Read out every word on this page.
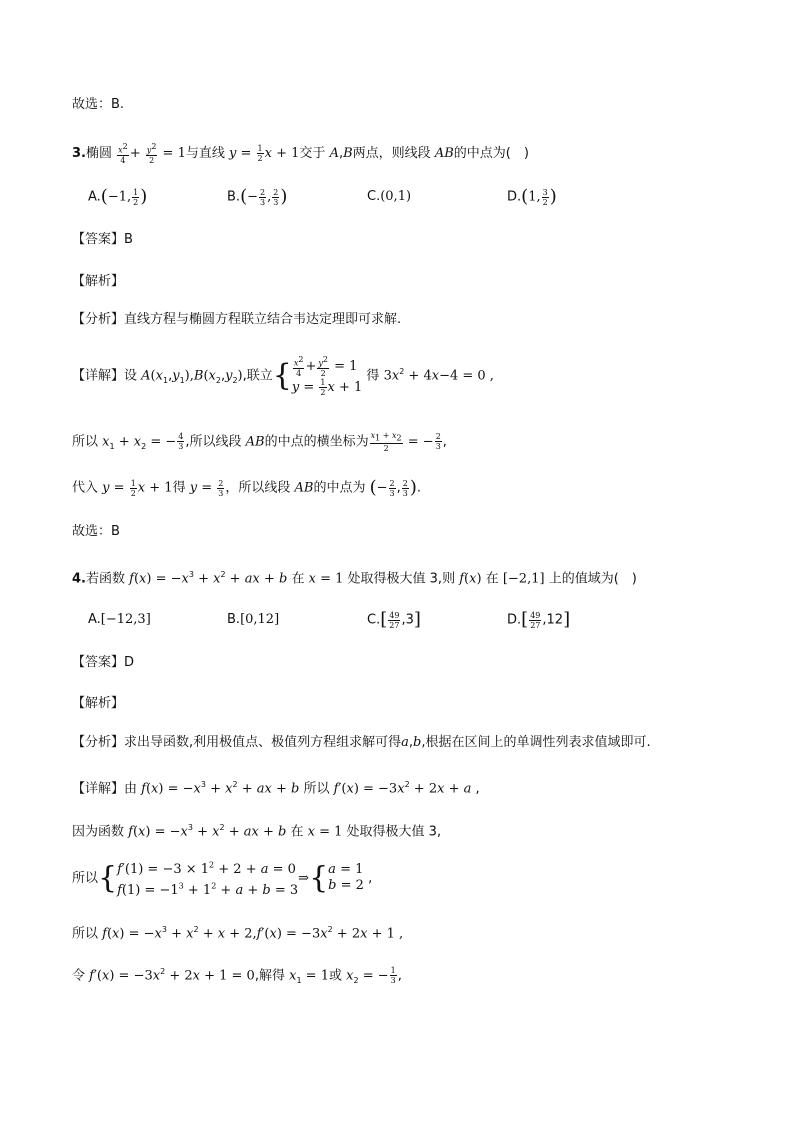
故选：B.
3.椭圆 $\frac{x^2}{4} + \frac{y^2}{2} = 1$与直线 $y = \frac{1}{2}$ x + 1交于 A,B两点，则线段 AB的中点为(　)
A.(−1, $\frac{1}{2}$ )	$B.(- \frac{2}{3}$ , $\frac{2}{3}$ )	C.(0,1)	D.(1, $\frac{3}{2}$ )
【答案】B
【解析】
【分析】直线方程与椭圆方程联立结合韦达定理即可求解.
【详解】设 $A(x_1,y_1),B(x_2,y_2)$,联立{ $\frac{x^2}{4} + \frac{y^2}{2} = 1$
$y = \frac{1}{2}$ x + 1 得 $3x^2 + 4x-4 = 0$ ,
所以 $x_1 + x_2$ = − $\frac{4}{3}$ ,所以线段 AB的中点的横坐标为 $\frac{x_1 + x_2}{2}$ = − $\frac{2}{3}$ ,
代入 $y = \frac{1}{2}$ x + 1得 $y = \frac{2}{3}$ ，所以线段 AB的中点为 (− $\frac{2}{3}$ , $\frac{2}{3}$ ).
故选：B
4.若函数 $f(x) = -x^3 + x^2$ + ax + b 在 x = 1 处取得极大值 3,则 f(x) 在 [−2,1] 上的值域为(　)
A.[−12,3]	B.[0,12]	$C.[ \frac{49}{27} ,3]$	$D.[ \frac{49}{27} ,12]$
【答案】D
【解析】
【分析】求出导函数,利用极值点、极值列方程组求解可得a,b,根据在区间上的单调性列表求值域即可.
【详解】由 $f(x) = -x^3 + x^2$ + ax + b 所以 $f'(x) = -3x^2 + 2x + a$ ,
因为函数 $f(x) = -x^3 + x^2$ + ax + b 在 x = 1 处取得极大值 3,
所以{$f'(1) = -3 \times 1^2 + 2 + a = 0$
$f(1) = -1^3 + 1^2 + a + b$ = 3⇒{a = 1
b = 2 ,
所以 $f(x) = -x^3 + x^2 + x + 2,f'(x) = -3x^2 + 2x + 1$ ,
令 $f'(x) = -3x^2 + 2x + 1 = 0$,解得 $x_1 = 1$或 $x_2$ = − $\frac{1}{3}$ ,
